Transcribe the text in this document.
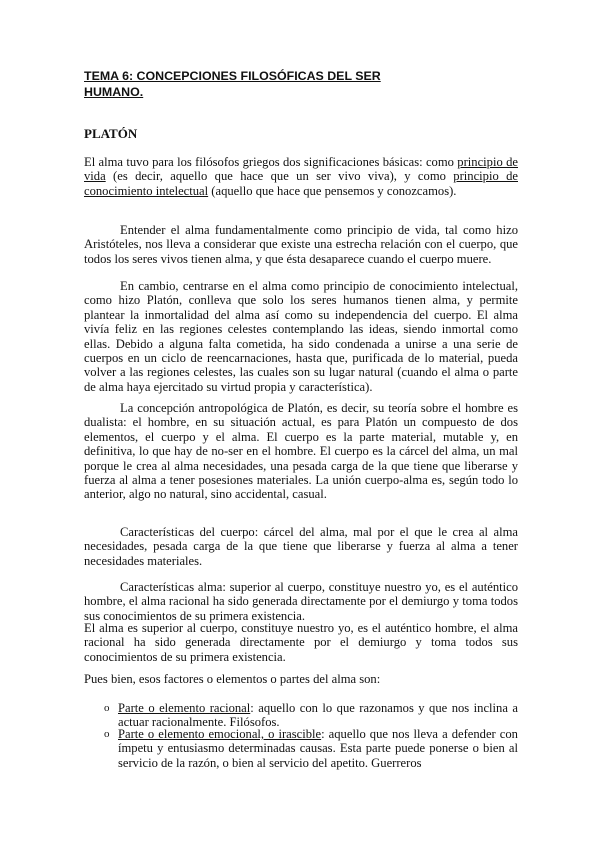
TEMA 6: CONCEPCIONES FILOSÓFICAS DEL SER
HUMANO.
PLATÓN
El alma tuvo para los filósofos griegos dos significaciones básicas: como principio de vida (es decir, aquello que hace que un ser vivo viva), y como principio de conocimiento intelectual (aquello que hace que pensemos y conozcamos).
Entender el alma fundamentalmente como principio de vida, tal como hizo Aristóteles, nos lleva a considerar que existe una estrecha relación con el cuerpo, que todos los seres vivos tienen alma, y que ésta desaparece cuando el cuerpo muere.
En cambio, centrarse en el alma como principio de conocimiento intelectual, como hizo Platón, conlleva que solo los seres humanos tienen alma, y permite plantear la inmortalidad del alma así como su independencia del cuerpo. El alma vivía feliz en las regiones celestes contemplando las ideas, siendo inmortal como ellas. Debido a alguna falta cometida, ha sido condenada a unirse a una serie de cuerpos en un ciclo de reencarnaciones, hasta que, purificada de lo material, pueda volver a las regiones celestes, las cuales son su lugar natural (cuando el alma o parte de alma haya ejercitado su virtud propia y característica).
La concepción antropológica de Platón, es decir, su teoría sobre el hombre es dualista: el hombre, en su situación actual, es para Platón un compuesto de dos elementos, el cuerpo y el alma. El cuerpo es la parte material, mutable y, en definitiva, lo que hay de no-ser en el hombre. El cuerpo es la cárcel del alma, un mal porque le crea al alma necesidades, una pesada carga de la que tiene que liberarse y fuerza al alma a tener posesiones materiales. La unión cuerpo-alma es, según todo lo anterior, algo no natural, sino accidental, casual.
Características del cuerpo: cárcel del alma, mal por el que le crea al alma necesidades, pesada carga de la que tiene que liberarse y fuerza al alma a tener necesidades materiales.
Características alma: superior al cuerpo, constituye nuestro yo, es el auténtico hombre, el alma racional ha sido generada directamente por el demiurgo y toma todos sus conocimientos de su primera existencia.
El alma es superior al cuerpo, constituye nuestro yo, es el auténtico hombre, el alma racional ha sido generada directamente por el demiurgo y toma todos sus conocimientos de su primera existencia.
Pues bien, esos factores o elementos o partes del alma son:
o Parte o elemento racional: aquello con lo que razonamos y que nos inclina a actuar racionalmente. Filósofos.
o Parte o elemento emocional, o irascible: aquello que nos lleva a defender con ímpetu y entusiasmo determinadas causas. Esta parte puede ponerse o bien al servicio de la razón, o bien al servicio del apetito. Guerreros
